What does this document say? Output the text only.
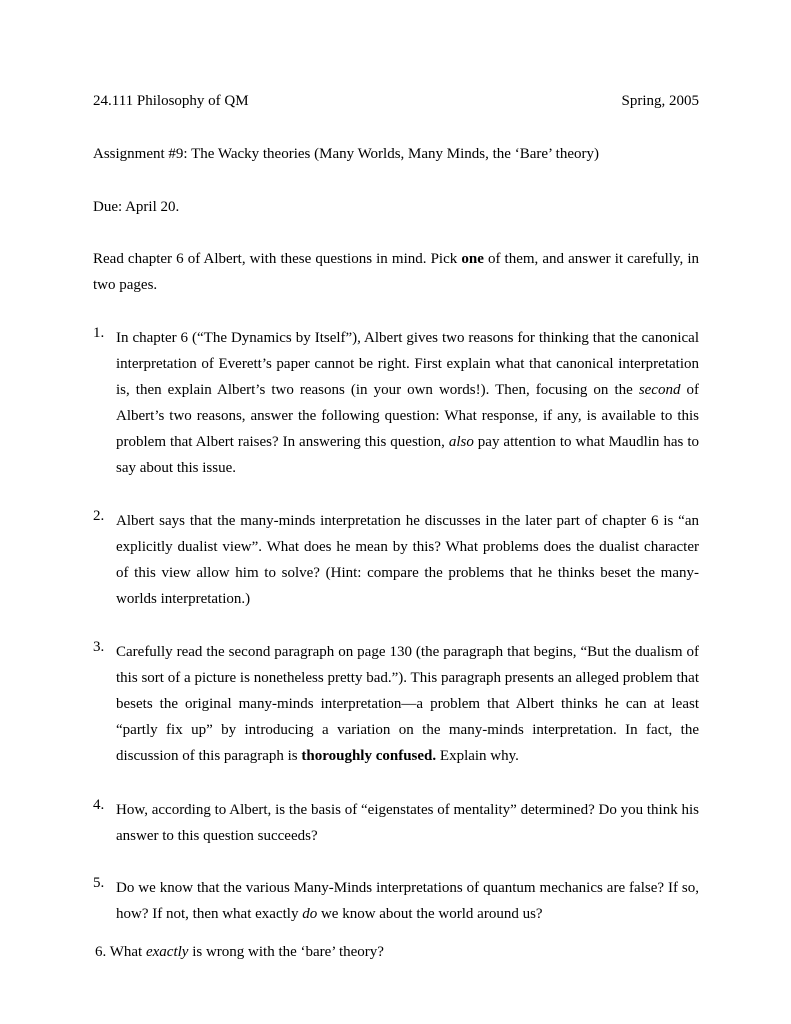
24.111 Philosophy of QM	Spring, 2005
Assignment #9: The Wacky theories (Many Worlds, Many Minds, the ‘Bare’ theory)
Due: April 20.
Read chapter 6 of Albert, with these questions in mind. Pick one of them, and answer it carefully, in two pages.
1. In chapter 6 (“The Dynamics by Itself”), Albert gives two reasons for thinking that the canonical interpretation of Everett’s paper cannot be right. First explain what that canonical interpretation is, then explain Albert’s two reasons (in your own words!). Then, focusing on the second of Albert’s two reasons, answer the following question: What response, if any, is available to this problem that Albert raises? In answering this question, also pay attention to what Maudlin has to say about this issue.
2. Albert says that the many-minds interpretation he discusses in the later part of chapter 6 is “an explicitly dualist view”. What does he mean by this? What problems does the dualist character of this view allow him to solve? (Hint: compare the problems that he thinks beset the many-worlds interpretation.)
3. Carefully read the second paragraph on page 130 (the paragraph that begins, “But the dualism of this sort of a picture is nonetheless pretty bad.”). This paragraph presents an alleged problem that besets the original many-minds interpretation—a problem that Albert thinks he can at least “partly fix up” by introducing a variation on the many-minds interpretation. In fact, the discussion of this paragraph is thoroughly confused. Explain why.
4. How, according to Albert, is the basis of “eigenstates of mentality” determined? Do you think his answer to this question succeeds?
5. Do we know that the various Many-Minds interpretations of quantum mechanics are false? If so, how? If not, then what exactly do we know about the world around us?
6. What exactly is wrong with the ‘bare’ theory?
